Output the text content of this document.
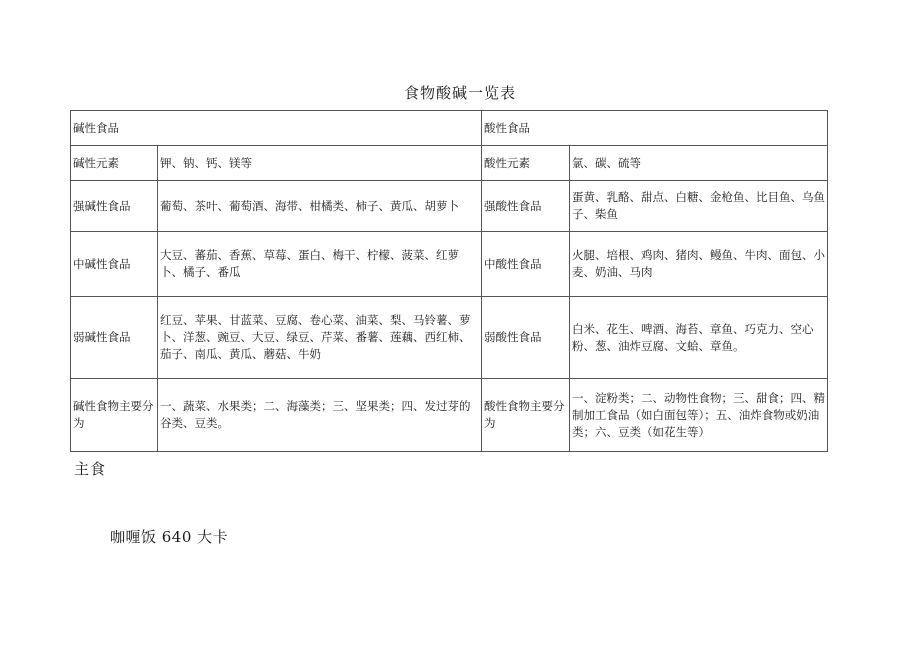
食物酸碱一览表
碱性食品		酸性食品	
碱性元素	钾、钠、钙、镁等	酸性元素	氯、碳、硫等
强碱性食品	葡萄、茶叶、葡萄酒、海带、柑橘类、柿子、黄瓜、胡萝卜	强酸性食品	蛋黄、乳酪、甜点、白糖、金枪鱼、比目鱼、乌鱼子、柴鱼
中碱性食品	大豆、蕃茄、香蕉、草莓、蛋白、梅干、柠檬、菠菜、红萝卜、橘子、番瓜	中酸性食品	火腿、培根、鸡肉、猪肉、鳗鱼、牛肉、面包、小麦、奶油、马肉
弱碱性食品	红豆、苹果、甘蓝菜、豆腐、卷心菜、油菜、梨、马铃薯、萝卜、洋葱、豌豆、大豆、绿豆、芹菜、番薯、莲藕、西红柿、茄子、南瓜、黄瓜、蘑菇、牛奶	弱酸性食品	白米、花生、啤酒、海苔、章鱼、巧克力、空心粉、葱、油炸豆腐、文蛤、章鱼。
碱性食物主要分为	一、蔬菜、水果类；二、海藻类；三、坚果类；四、发过芽的谷类、豆类。	酸性食物主要分为	一、淀粉类；二、动物性食物；三、甜食；四、精制加工食品（如白面包等）；五、油炸食物或奶油类；六、豆类（如花生等）
主食
咖喱饭 640 大卡
